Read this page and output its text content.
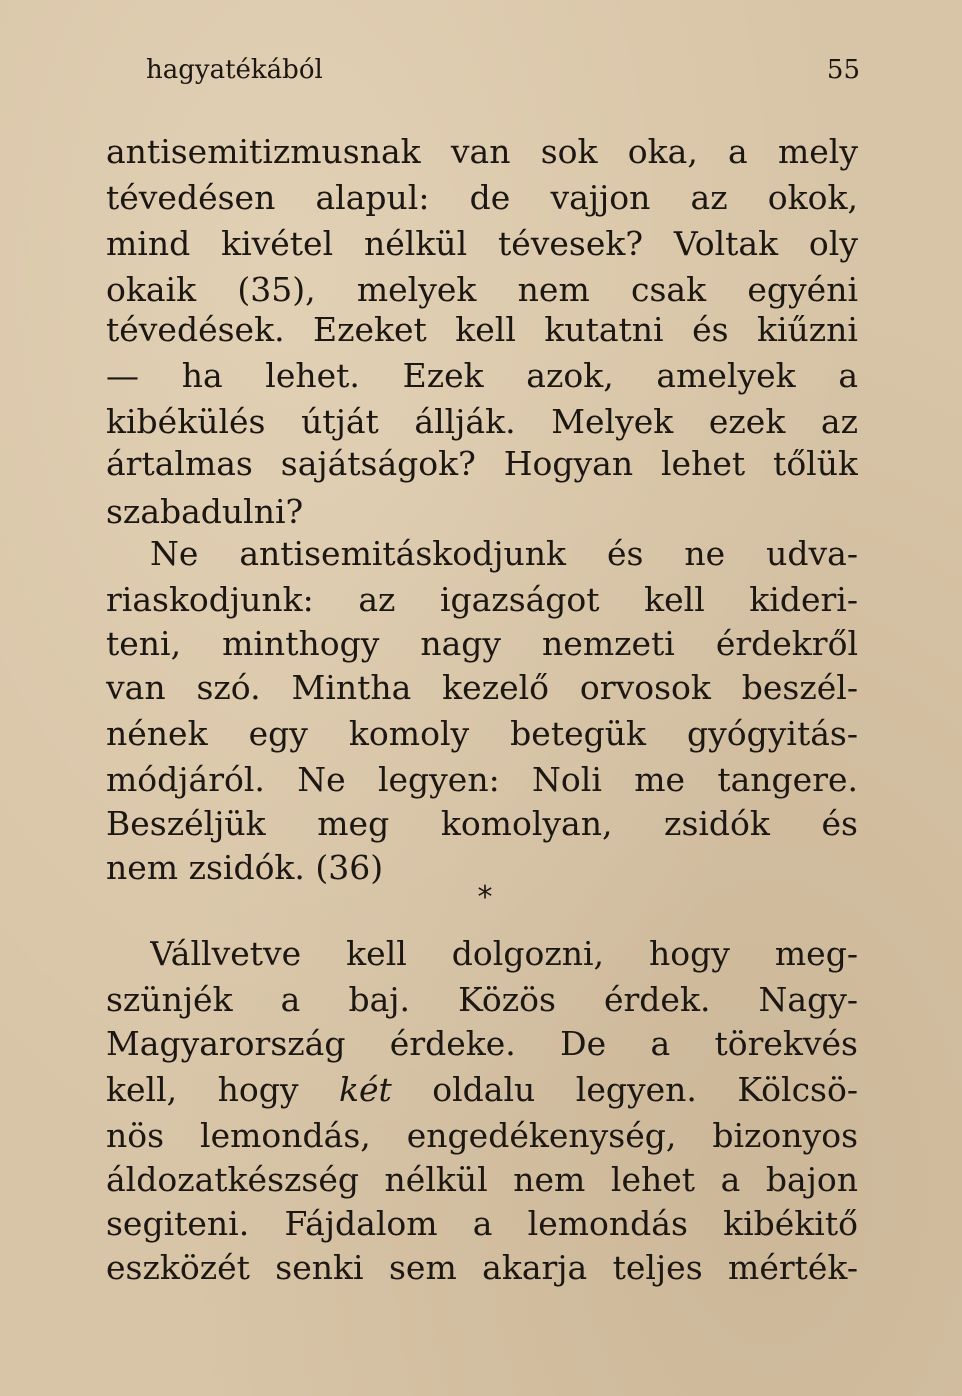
hagyatékából	55
antisemitizmusnak van sok oka, a mely
tévedésen alapul: de vajjon az okok,
mind kivétel nélkül tévesek? Voltak oly
okaik (35), melyek nem csak egyéni
tévedések. Ezeket kell kutatni és kiűzni
— ha lehet. Ezek azok, amelyek a
kibékülés útját állják. Melyek ezek az
ártalmas sajátságok? Hogyan lehet tőlük
szabadulni?
Ne antisemitáskodjunk és ne udva-
riaskodjunk: az igazságot kell kideri-
teni, minthogy nagy nemzeti érdekről
van szó. Mintha kezelő orvosok beszél-
nének egy komoly betegük gyógyitás-
módjáról. Ne legyen: Noli me tangere.
Beszéljük meg komolyan, zsidók és
nem zsidók. (36)
*
Vállvetve kell dolgozni, hogy meg-
szünjék a baj. Közös érdek. Nagy-
Magyarország érdeke. De a törekvés
kell, hogy két oldalu legyen. Kölcsö-
nös lemondás, engedékenység, bizonyos
áldozatkészség nélkül nem lehet a bajon
segiteni. Fájdalom a lemondás kibékitő
eszközét senki sem akarja teljes mérték-
